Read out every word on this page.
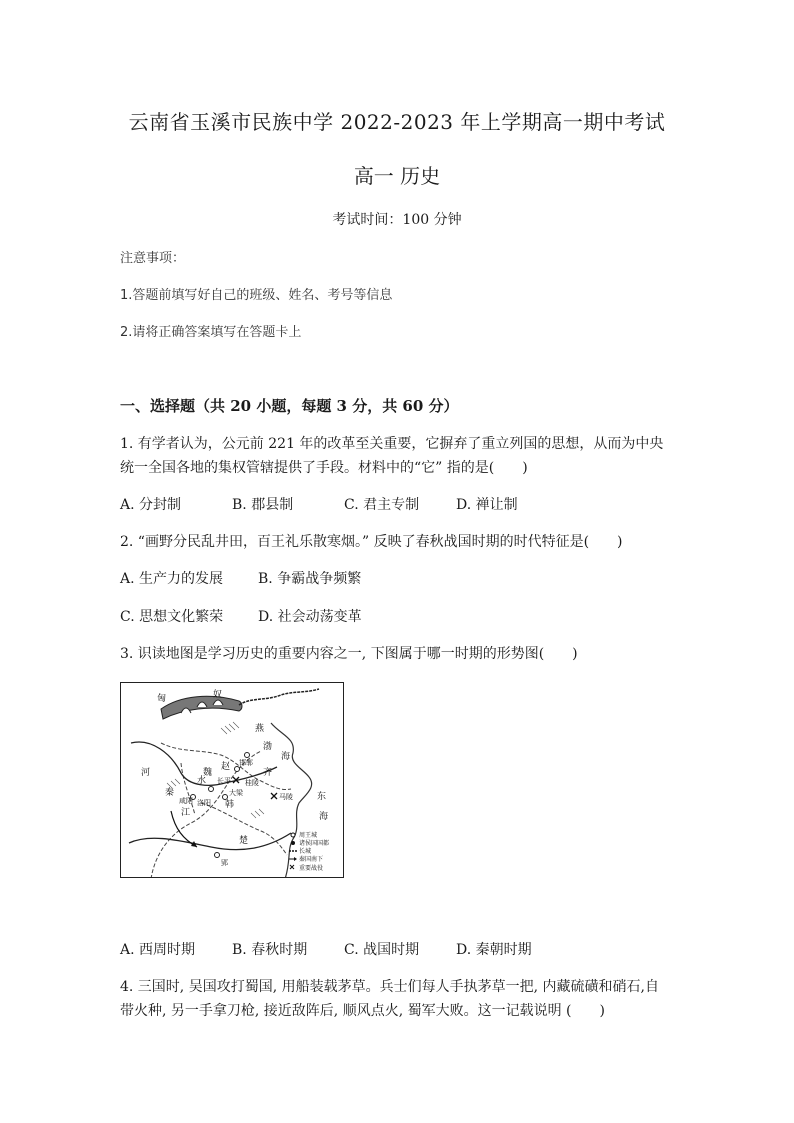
云南省玉溪市民族中学 2022-2023 年上学期高一期中考试
高一 历史
考试时间：100 分钟
注意事项：
1.答题前填写好自己的班级、姓名、考号等信息
2.请将正确答案填写在答题卡上
一、选择题（共 20 小题，每题 3 分，共 60 分）
1. 有学者认为，公元前 221 年的改革至关重要，它摒弃了重立列国的思想，从而为中央
统一全国各地的集权管辖提供了手段。材料中的“它” 指的是(　　)
A. 分封制	B. 郡县制	C. 君主专制	D. 禅让制
2. “画野分民乱井田，百王礼乐散寒烟。” 反映了春秋战国时期的时代特征是(　　)
A. 生产力的发展 B. 争霸战争频繁
C. 思想文化繁荣 D. 社会动荡变革
3. 识读地图是学习历史的重要内容之一, 下图属于哪一时期的形势图(　　)
匈	奴
燕
渤
海
赵
齐
魏
韩
秦
楚
东
海
江
河
水 长平
邯郸
洛阳
咸阳
大梁	马陵
桂陵
郢
周王城
诸侯国国都
长城
秦国南下
重要战役
A. 西周时期	B. 春秋时期	C. 战国时期	D. 秦朝时期
4. 三国时, 吴国攻打蜀国, 用船装载茅草。兵士们每人手执茅草一把, 内藏硫磺和硝石,自
带火种, 另一手拿刀枪, 接近敌阵后, 顺风点火, 蜀军大败。这一记载说明 (　　)
